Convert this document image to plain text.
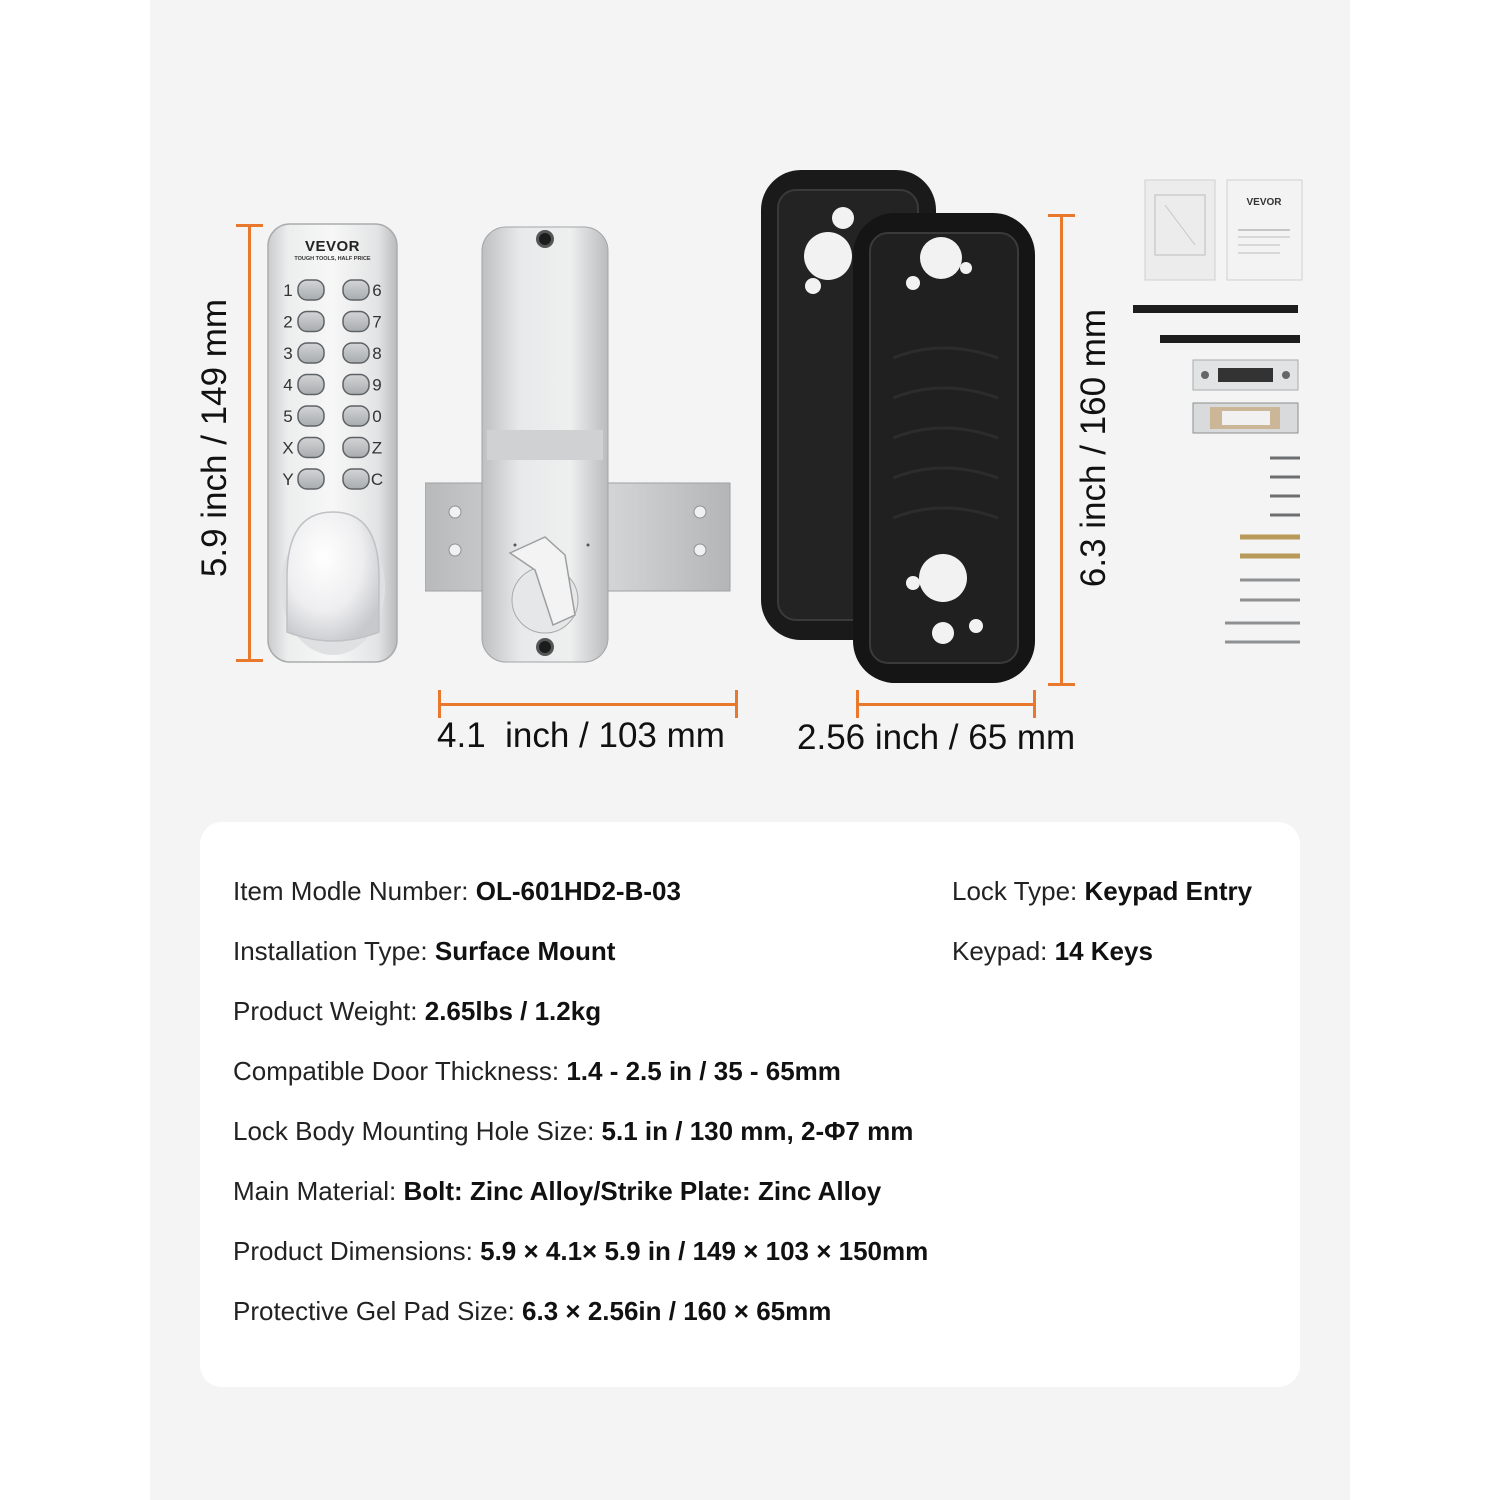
1
2
3
4
5
X
Y
6
7
8
9
0
Z
C
VEVOR
TOUGH TOOLS, HALF PRICE
VEVOR
5.9 inch / 149 mm
4.1  inch / 103 mm
6.3 inch / 160 mm
2.56 inch / 65 mm
Item Modle Number: OL-601HD2-B-03	Lock Type: Keypad Entry
Installation Type: Surface Mount	Keypad: 14 Keys
Product Weight: 2.65lbs / 1.2kg
Compatible Door Thickness: 1.4 - 2.5 in / 35 - 65mm
Lock Body Mounting Hole Size: 5.1 in / 130 mm, 2-Φ7 mm
Main Material: Bolt: Zinc Alloy/Strike Plate: Zinc Alloy
Product Dimensions: 5.9 × 4.1× 5.9 in / 149 × 103 × 150mm
Protective Gel Pad Size: 6.3 × 2.56in / 160 × 65mm
